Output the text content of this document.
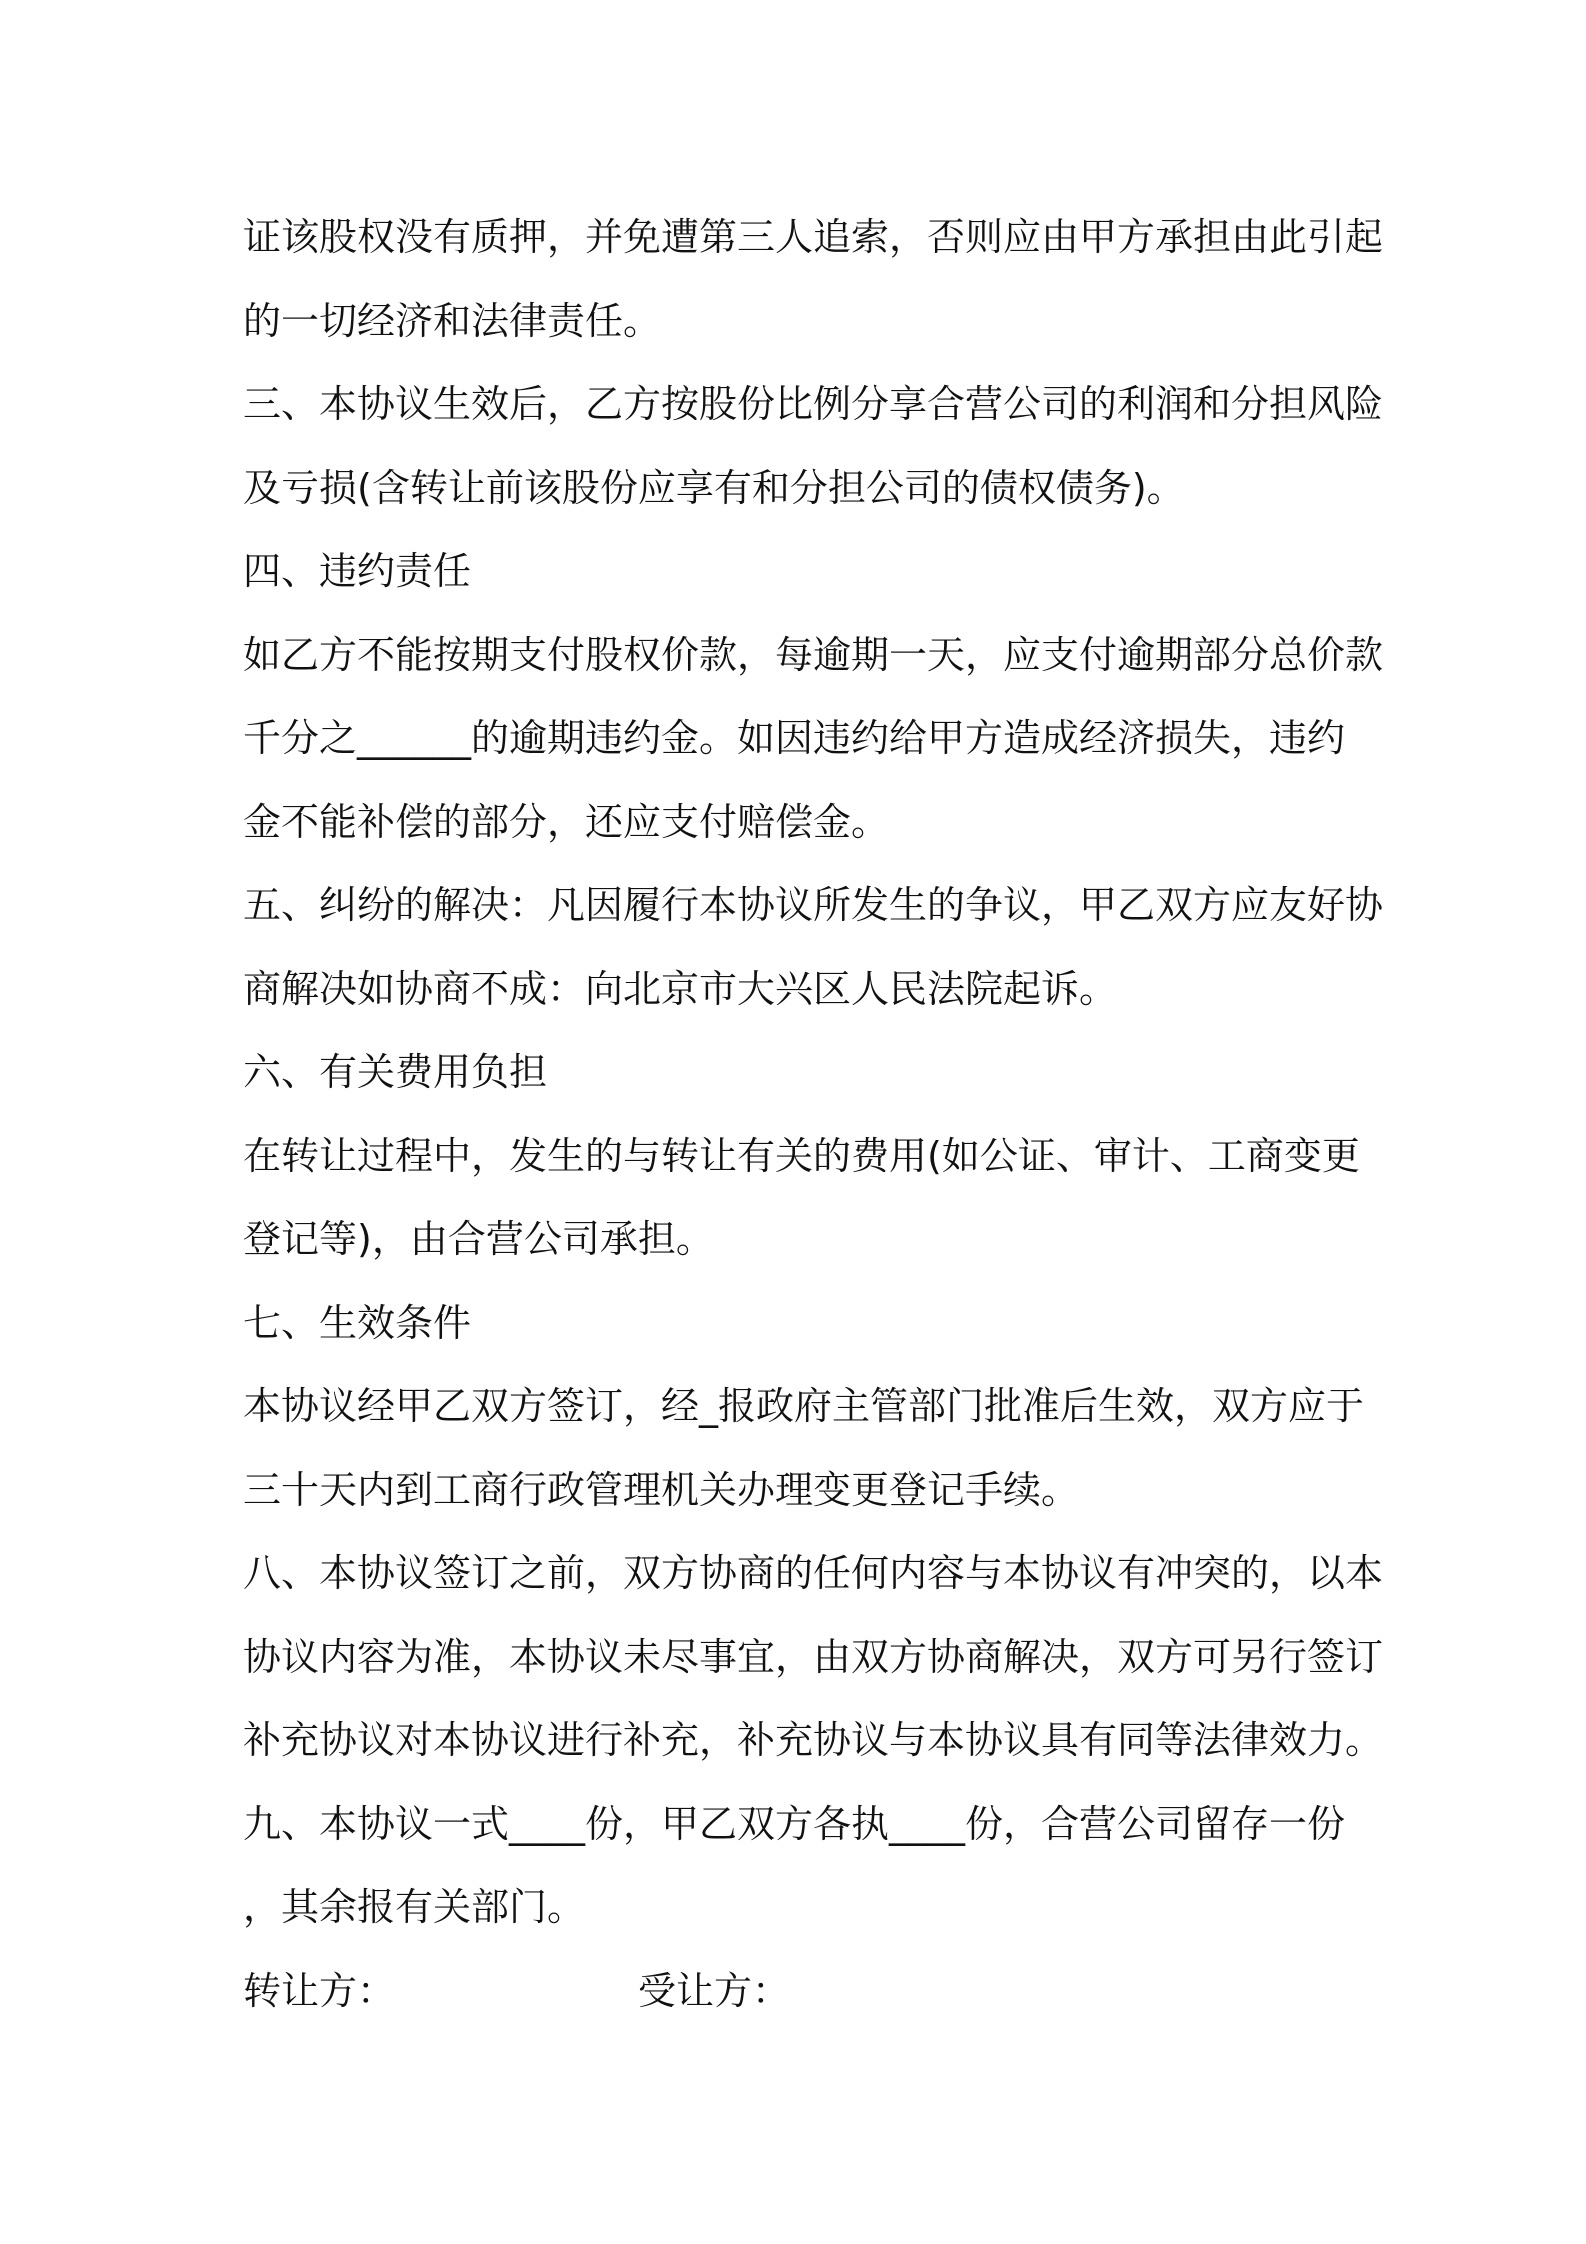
证该股权没有质押，并免遭第三人追索，否则应由甲方承担由此引起

的一切经济和法律责任。

三、本协议生效后，乙方按股份比例分享合营公司的利润和分担风险

及亏损(含转让前该股份应享有和分担公司的债权债务)。

四、违约责任

如乙方不能按期支付股权价款，每逾期一天，应支付逾期部分总价款

千分之______的逾期违约金。如因违约给甲方造成经济损失，违约

金不能补偿的部分，还应支付赔偿金。

五、纠纷的解决：凡因履行本协议所发生的争议，甲乙双方应友好协

商解决如协商不成：向北京市大兴区人民法院起诉。

六、有关费用负担

在转让过程中，发生的与转让有关的费用(如公证、审计、工商变更

登记等)，由合营公司承担。

七、生效条件

本协议经甲乙双方签订，经_报政府主管部门批准后生效，双方应于

三十天内到工商行政管理机关办理变更登记手续。

八、本协议签订之前，双方协商的任何内容与本协议有冲突的，以本

协议内容为准，本协议未尽事宜，由双方协商解决，双方可另行签订

补充协议对本协议进行补充，补充协议与本协议具有同等法律效力。

九、本协议一式____份，甲乙双方各执____份，合营公司留存一份

，其余报有关部门。

转让方：	受让方：
